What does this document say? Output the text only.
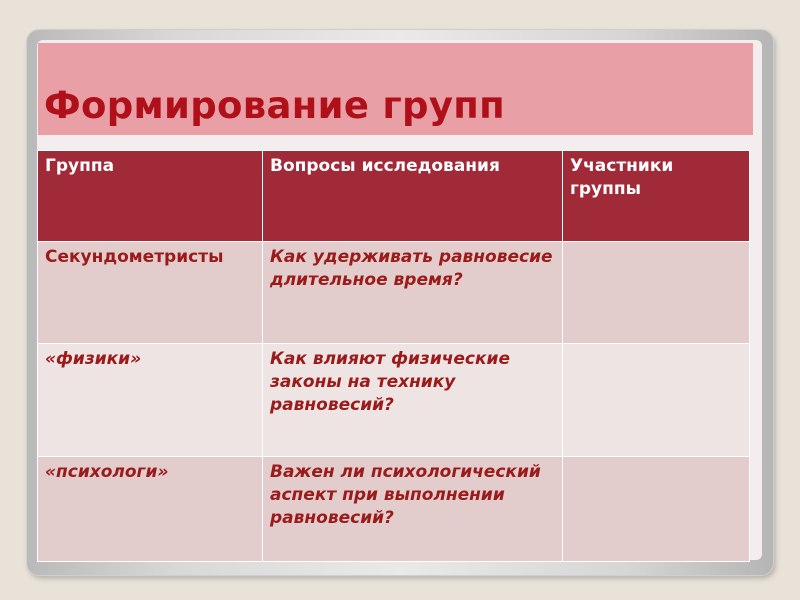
Формирование групп
Группа	Вопросы исследования	Участники группы
Секундометристы	Как удерживать равновесие длительное время?	
«физики»	Как влияют физические законы на технику равновесий?	
«психологи»	Важен ли психологический аспект при выполнении равновесий?	
